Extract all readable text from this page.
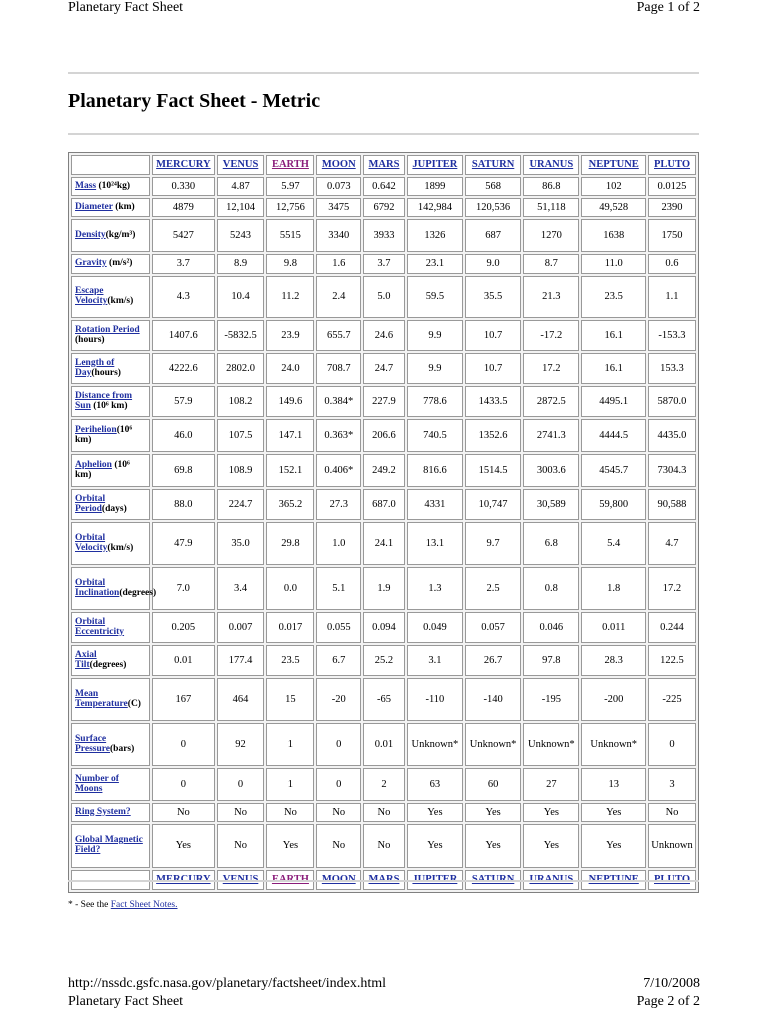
Planetary Fact Sheet	Page 1 of 2
Planetary Fact Sheet - Metric
	MERCURY	VENUS	EARTH	MOON	MARS	JUPITER	SATURN	URANUS	NEPTUNE	PLUTO
Mass (10²⁴kg)	0.330	4.87	5.97	0.073	0.642	1899	568	86.8	102	0.0125
Diameter (km)	4879	12,104	12,756	3475	6792	142,984	120,536	51,118	49,528	2390
Density(kg/m³)	5427	5243	5515	3340	3933	1326	687	1270	1638	1750
Gravity (m/s²)	3.7	8.9	9.8	1.6	3.7	23.1	9.0	8.7	11.0	0.6
Escape Velocity(km/s)	4.3	10.4	11.2	2.4	5.0	59.5	35.5	21.3	23.5	1.1
Rotation Period (hours)	1407.6	-5832.5	23.9	655.7	24.6	9.9	10.7	-17.2	16.1	-153.3
Length of Day(hours)	4222.6	2802.0	24.0	708.7	24.7	9.9	10.7	17.2	16.1	153.3
Distance from Sun (10⁶ km)	57.9	108.2	149.6	0.384*	227.9	778.6	1433.5	2872.5	4495.1	5870.0
Perihelion(10⁶ km)	46.0	107.5	147.1	0.363*	206.6	740.5	1352.6	2741.3	4444.5	4435.0
Aphelion (10⁶ km)	69.8	108.9	152.1	0.406*	249.2	816.6	1514.5	3003.6	4545.7	7304.3
Orbital Period(days)	88.0	224.7	365.2	27.3	687.0	4331	10,747	30,589	59,800	90,588
Orbital Velocity(km/s)	47.9	35.0	29.8	1.0	24.1	13.1	9.7	6.8	5.4	4.7
Orbital Inclination(degrees)	7.0	3.4	0.0	5.1	1.9	1.3	2.5	0.8	1.8	17.2
Orbital Eccentricity	0.205	0.007	0.017	0.055	0.094	0.049	0.057	0.046	0.011	0.244
Axial Tilt(degrees)	0.01	177.4	23.5	6.7	25.2	3.1	26.7	97.8	28.3	122.5
Mean Temperature(C)	167	464	15	-20	-65	-110	-140	-195	-200	-225
Surface Pressure(bars)	0	92	1	0	0.01	Unknown*	Unknown*	Unknown*	Unknown*	0
Number of Moons	0	0	1	0	2	63	60	27	13	3
Ring System?	No	No	No	No	No	Yes	Yes	Yes	Yes	No
Global Magnetic Field?	Yes	No	Yes	No	No	Yes	Yes	Yes	Yes	Unknown
	MERCURY	VENUS	EARTH	MOON	MARS	JUPITER	SATURN	URANUS	NEPTUNE	PLUTO
* - See the Fact Sheet Notes.
http://nssdc.gsfc.nasa.gov/planetary/factsheet/index.html	7/10/2008
Planetary Fact Sheet	Page 2 of 2
